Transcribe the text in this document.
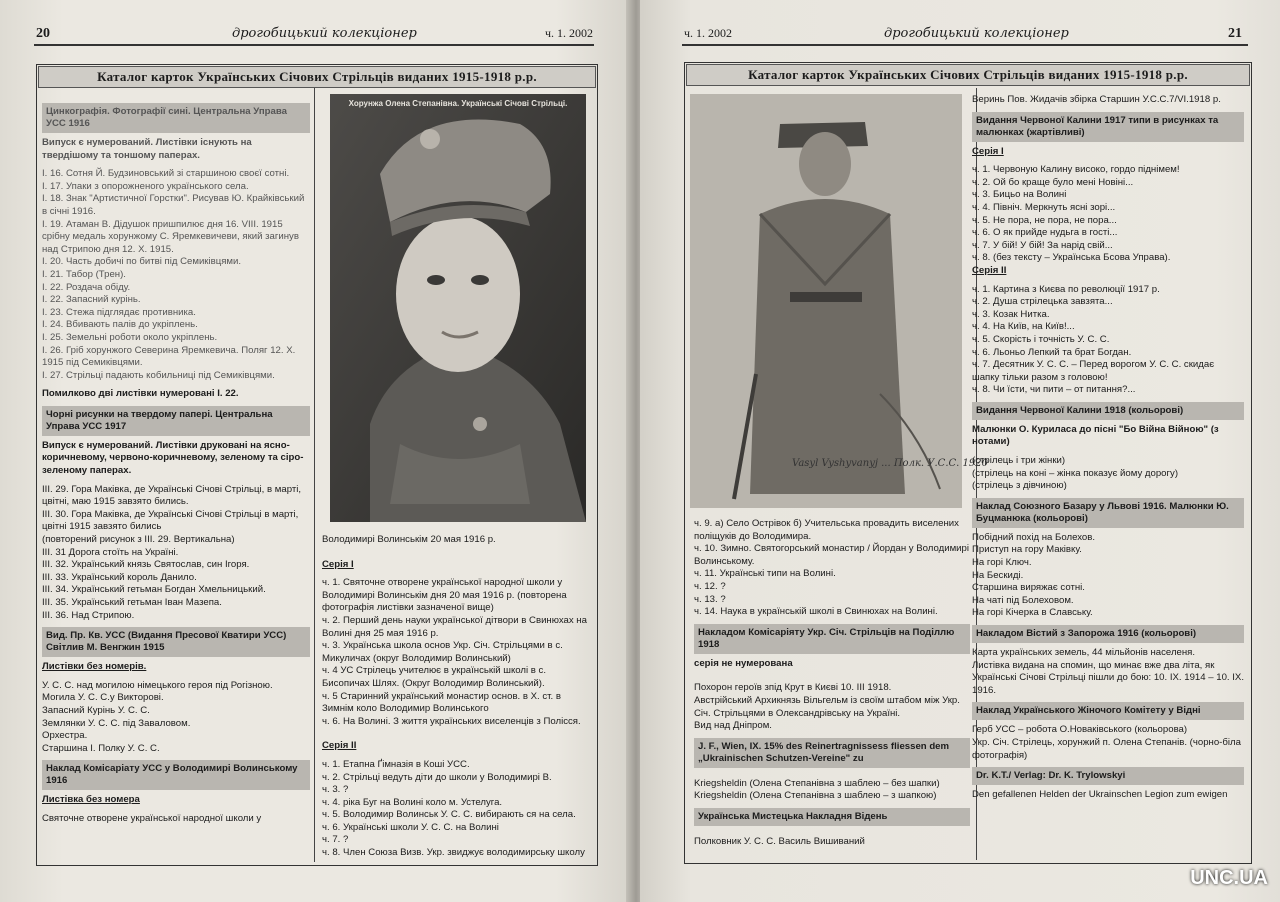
20	дрогобицький колекціонер	ч. 1. 2002
Каталог карток Українських Січових Стрільців виданих 1915-1918 р.р.
Цинкографія. Фотографії сині. Центральна Управа УСС 1916

Випуск є нумерований. Листівки існують на твердішому та тоншому паперах.

І. 16. Сотня Й. Будзиновський зі старшиною своєї сотні.

І. 17. Упаки з опорожненого українського села.

І. 18. Знак "Артистичної Горстки". Рисував Ю. Крайківський в січні 1916.

І. 19. Атаман В. Дідушок пришпилює дня 16. VIII. 1915 срібну медаль хорунжому С. Яремкевичеви, який загинув над Стрипою дня 12. X. 1915.

І. 20. Часть добичі по битві під Семиківцями.

І. 21. Табор (Трен).

І. 22. Роздача обіду.

І. 22. Запасний курінь.

І. 23. Стежа підглядає противника.

І. 24. Вбивають палів до укріплень.

І. 25. Земельні роботи около укріплень.

І. 26. Гріб хорунжого Северина Яремкевича. Поляг 12. X. 1915 під Семиківцями.

І. 27. Стрільці падають кобильниці під Семиківцями.

Помилково дві листівки нумеровані І. 22.

Чорні рисунки на твердому папері. Центральна Управа УСС 1917

Випуск є нумерований. Листівки друковані на ясно-коричневому, червоно-коричневому, зеленому та сіро-зеленому паперах.

ІІІ. 29. Гора Маківка, де Українські Січові Стрільці, в марті, цвітні, маю 1915 завзято бились.

ІІІ. 30. Гора Маківка, де Українські Січові Стрільці в марті, цвітні 1915 завзято бились

(повторений рисунок з ІІІ. 29. Вертикальна)

ІІІ. 31 Дорога стоїть на Україні.

ІІІ. 32. Український князь Святослав, син Ігоря.

ІІІ. 33. Український король Данило.

ІІІ. 34. Український гетьман Богдан Хмельницький.

ІІІ. 35. Український гетьман Іван Мазепа.

ІІІ. 36. Над Стрипою.

Вид. Пр. Кв. УСС (Видання Пресової Кватири УСС) Світлив М. Венгжин 1915

Листівки без номерів.

У. С. С. над могилою німецького героя під Рогізною.

Могила У. С. С.у Викторові.

Запасний Курінь У. С. С.

Землянки У. С. С. під Заваловом.

Орхестра.

Старшина І. Полку У. С. С.

Наклад Комісаріату УСС у Володимирі Волинському 1916

Листівка без номера

Святочне отворене української народної школи у

Хорунжа Олена Степанівна. Українські Січові Стрільці.

Володимирі Волинськім 20 мая 1916 р.

Серія І

ч. 1. Святочне отворене української народної школи у Володимирі Волинськім дня 20 мая 1916 р. (повторена фотографія листівки зазначеної вище)

ч. 2. Перший день науки української дітвори в Свинюхах на Волині дня 25 мая 1916 р.

ч. 3. Українська школа основ Укр. Січ. Стрільцями в с. Микуличах (округ Володимир Волинський)

ч. 4 УС Стрілець учителює в українській школі в с. Бисопичах Шлях. (Округ Володимир Волинський).

ч. 5 Старинний український монастир основ. в X. ст. в Зимнім коло Володимир Волинського

ч. 6. На Волині. З життя українських виселенців з Полісся.

Серія ІІ

ч. 1. Етапна Ґімназія в Коші УСС.

ч. 2. Стрільці ведуть діти до школи у Володимирі В.

ч. 3. ?

ч. 4. ріка Буг на Волині коло м. Устелуга.

ч. 5. Володимир Волинськ У. С. С. вибирають ся на села.

ч. 6. Українські школи У. С. С. на Волині

ч. 7. ?

ч. 8. Член Союза Визв. Укр. звиджує володимирську школу

ч. 1. 2002	дрогобицький колекціонер	21
Каталог карток Українських Січових Стрільців виданих 1915-1918 р.р.
Vasyl Vyshyvanyj ... Полк. У.С.С. 1920

ч. 9. а) Село Острівок б) Учительська провадить виселених поліщуків до Володимира.

ч. 10. Зимно. Святогорський монастир / Йордан у Володимирі Волинському.

ч. 11. Українські типи на Волині.

ч. 12. ?

ч. 13. ?

ч. 14. Наука в українській школі в Свинюхах на Волині.

Накладом Комісаріяту Укр. Січ. Стрільців на Поділлю 1918

серія не нумерована

Похорон героїв зпід Крут в Києві 10. ІІІ 1918.

Австрійський Архикнязь Вільгельм із своїм штабом між Укр. Січ. Стрільцями в Олександрівську на Україні.

Вид над Дніпром.

J. F., Wien, IX. 15% des Reinertragnissess fliessen dem „Ukrainischen Schutzen-Vereine" zu

Kriegsheldin (Олена Степанівна з шаблею – без шапки)

Kriegsheldin (Олена Степанівна з шаблею – з шапкою)

Українська Мистецька Накладня Відень

Полковник У. С. С. Василь Вишиваний

Веринь Пов. Жидачів збірка Старшин У.С.С.7/VI.1918 р.

Видання Червоної Калини 1917 типи в рисунках та малюнках (жартівливі)

Серія І

ч. 1. Червоную Калину високо, гордо піднімем!

ч. 2. Ой бо краще було мені Новіні...

ч. 3. Бицьо на Волині

ч. 4. Північ. Меркнуть ясні зорі...

ч. 5. Не пора, не пора, не пора...

ч. 6. О як прийде нудьга в гості...

ч. 7. У бій! У бій! За нарід свій...

ч. 8. (без тексту – Українська Бсова Управа).

Серія ІІ

ч. 1. Картина з Києва по революції 1917 р.

ч. 2. Душа стрілецька завзята...

ч. 3. Козак Нитка.

ч. 4. На Київ, на Київ!...

ч. 5. Скорість і точність У. С. С.

ч. 6. Льоньо Лепкий та брат Богдан.

ч. 7. Десятник У. С. С. – Перед ворогом У. С. С. скидає шапку тільки разом з головою!

ч. 8. Чи їсти, чи пити – от питання?...

Видання Червоної Калини 1918 (кольорові)

Малюнки О. Куриласа до пісні "Бо Війна Війною" (з нотами)

(стрілець і три жінки)

(стрілець на коні – жінка показує йому дорогу)

(стрілець з дівчиною)

Наклад Союзного Базару у Львові 1916. Малюнки Ю. Буцманюка (кольорові)

Побідний похід на Болехов.

Приступ на гору Маківку.

На горі Ключ.

На Бескиді.

Старшина виряжає сотні.

На чаті під Болеховом.

На горі Кічерка в Славську.

Накладом Вістий з Запорожа 1916 (кольорові)

Карта українських земель, 44 мільйонів населеня.

Листівка видана на спомин, що минає вже два літа, як Українські Січові Стрільці пішли до бою: 10. IX. 1914 – 10. IX. 1916.

Наклад Українського Жіночого Комітету у Відні

Герб УСС – робота О.Новаківського (кольорова)

Укр. Січ. Стрілець, хорунжий п. Олена Степанів. (чорно-біла фотографія)

Dr. K.T./ Verlag: Dr. K. Trylowskyi

Den gefallenen Helden der Ukrainschen Legion zum ewigen

UNC.UA
